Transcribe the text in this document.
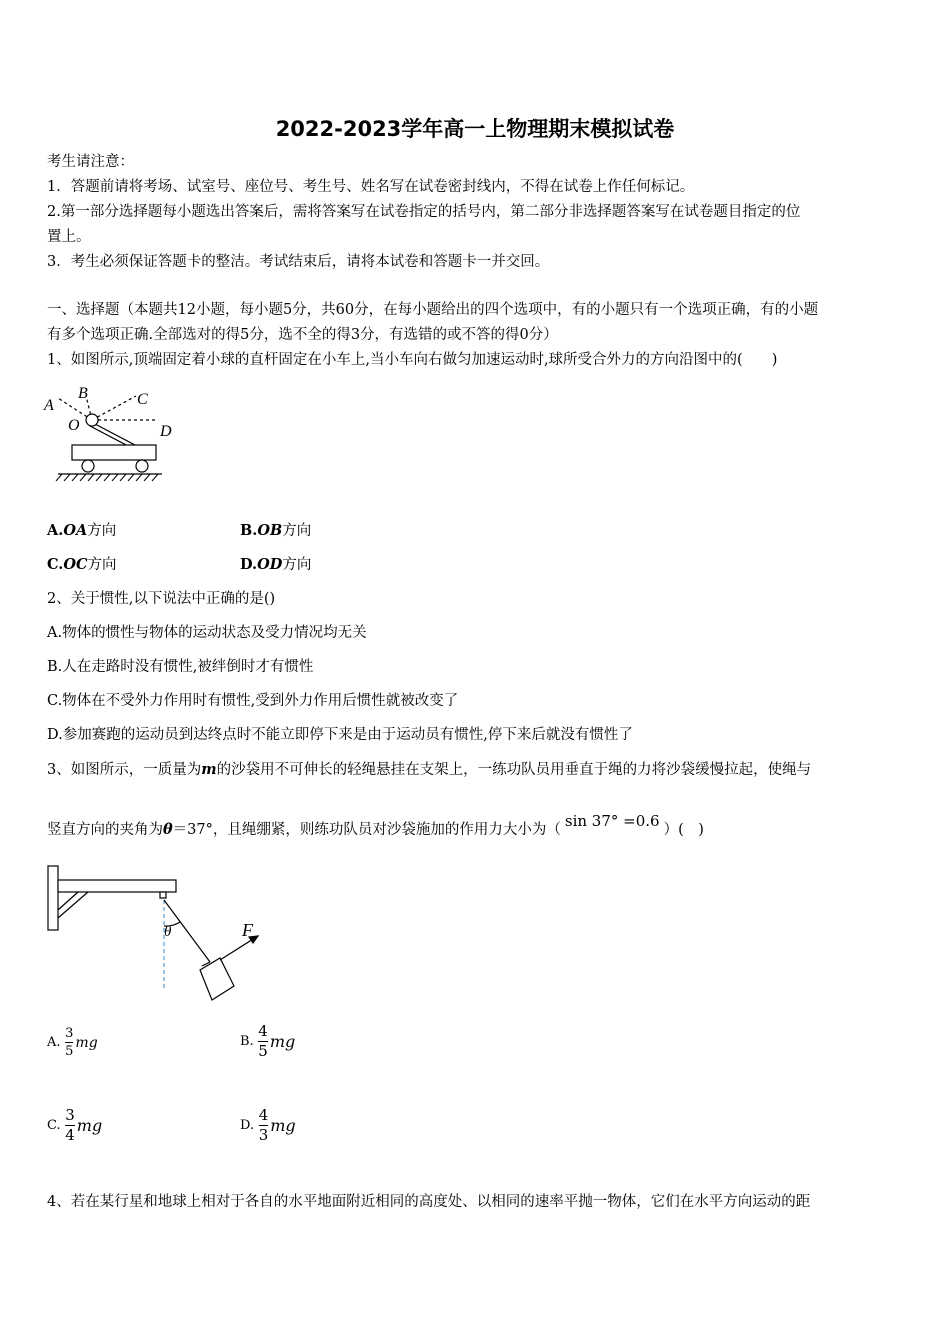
2022-2023学年高一上物理期末模拟试卷
考生请注意：
1．答题前请将考场、试室号、座位号、考生号、姓名写在试卷密封线内，不得在试卷上作任何标记。
2.第一部分选择题每小题选出答案后，需将答案写在试卷指定的括号内，第二部分非选择题答案写在试卷题目指定的位
置上。
3．考生必须保证答题卡的整洁。考试结束后，请将本试卷和答题卡一并交回。
一、选择题（本题共12小题，每小题5分，共60分，在每小题给出的四个选项中，有的小题只有一个选项正确，有的小题
有多个选项正确.全部选对的得5分，选不全的得3分，有选错的或不答的得0分）
1、如图所示,顶端固定着小球的直杆固定在小车上,当小车向右做匀加速运动时,球所受合外力的方向沿图中的(　　)
A
B	C
O	D
A.OA方向	B.OB方向
C.OC方向	D.OD方向
2、关于惯性,以下说法中正确的是()
A.物体的惯性与物体的运动状态及受力情况均无关
B.人在走路时没有惯性,被绊倒时才有惯性
C.物体在不受外力作用时有惯性,受到外力作用后惯性就被改变了
D.参加赛跑的运动员到达终点时不能立即停下来是由于运动员有惯性,停下来后就没有惯性了
3、如图所示，一质量为m的沙袋用不可伸长的轻绳悬挂在支架上，一练功队员用垂直于绳的力将沙袋缓慢拉起，使绳与
竖直方向的夹角为θ＝37°，且绳绷紧，则练功队员对沙袋施加的作用力大小为（ sin 37° =0.6 ）(　)
θ	F
A. $\frac{3}{5}$ mg	B. $\frac{4}{5}$ mg
C. $\frac{3}{4}$ mg	D. $\frac{4}{3}$ mg
4、若在某行星和地球上相对于各自的水平地面附近相同的高度处、以相同的速率平抛一物体，它们在水平方向运动的距
